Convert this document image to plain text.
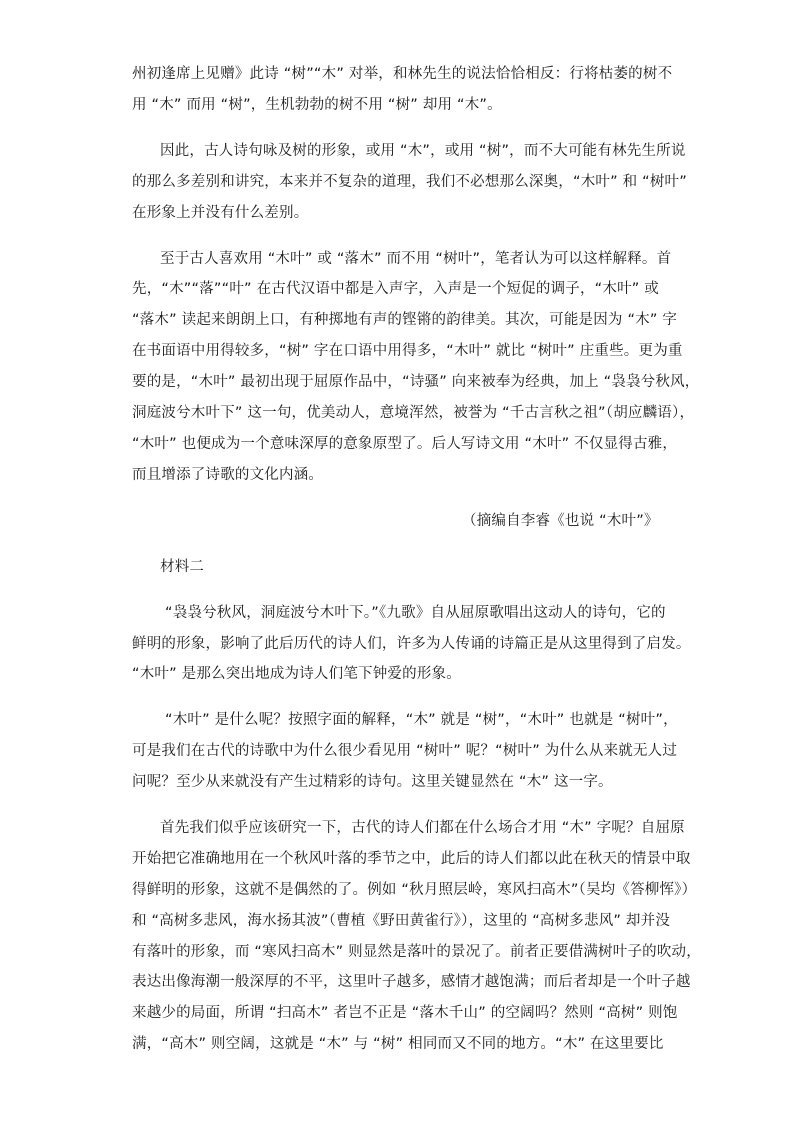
州初逢席上见赠》此诗 “树”“木” 对举，和林先生的说法恰恰相反：行将枯萎的树不
用 “木” 而用 “树”，生机勃勃的树不用 “树” 却用 “木”。
因此，古人诗句咏及树的形象，或用 “木”，或用 “树”，而不大可能有林先生所说
的那么多差别和讲究，本来并不复杂的道理，我们不必想那么深奥，“木叶” 和 “树叶”
在形象上并没有什么差别。
至于古人喜欢用 “木叶” 或 “落木” 而不用 “树叶”，笔者认为可以这样解释。首
先，“木”“落”“叶” 在古代汉语中都是入声字，入声是一个短促的调子，“木叶” 或
“落木” 读起来朗朗上口，有种掷地有声的铿锵的韵律美。其次，可能是因为 “木” 字
在书面语中用得较多，“树” 字在口语中用得多，“木叶” 就比 “树叶” 庄重些。更为重
要的是，“木叶” 最初出现于屈原作品中，“诗骚” 向来被奉为经典，加上 “袅袅兮秋风，
洞庭波兮木叶下” 这一句，优美动人，意境浑然，被誉为 “千古言秋之祖”（胡应麟语），
“木叶” 也便成为一个意味深厚的意象原型了。后人写诗文用 “木叶” 不仅显得古雅，
而且增添了诗歌的文化内涵。
（摘编自李睿《也说 “木叶”》
材料二
“袅袅兮秋风，洞庭波兮木叶下。”《九歌》自从屈原歌唱出这动人的诗句，它的
鲜明的形象，影响了此后历代的诗人们，许多为人传诵的诗篇正是从这里得到了启发。
“木叶” 是那么突出地成为诗人们笔下钟爱的形象。
“木叶” 是什么呢？按照字面的解释，“木” 就是 “树”，“木叶” 也就是 “树叶”，
可是我们在古代的诗歌中为什么很少看见用 “树叶” 呢？“树叶” 为什么从来就无人过
问呢？至少从来就没有产生过精彩的诗句。这里关键显然在 “木” 这一字。
首先我们似乎应该研究一下，古代的诗人们都在什么场合才用 “木” 字呢？自屈原
开始把它准确地用在一个秋风叶落的季节之中，此后的诗人们都以此在秋天的情景中取
得鲜明的形象，这就不是偶然的了。例如 “秋月照层岭，寒风扫高木”（吴均《答柳恽》）
和 “高树多悲风，海水扬其波”（曹植《野田黄雀行》），这里的 “高树多悲风” 却并没
有落叶的形象，而 “寒风扫高木” 则显然是落叶的景况了。前者正要借满树叶子的吹动，
表达出像海潮一般深厚的不平，这里叶子越多，感情才越饱满；而后者却是一个叶子越
来越少的局面，所谓 “扫高木” 者岂不正是 “落木千山” 的空阔吗？然则 “高树” 则饱
满，“高木” 则空阔，这就是 “木” 与 “树” 相同而又不同的地方。“木” 在这里要比
